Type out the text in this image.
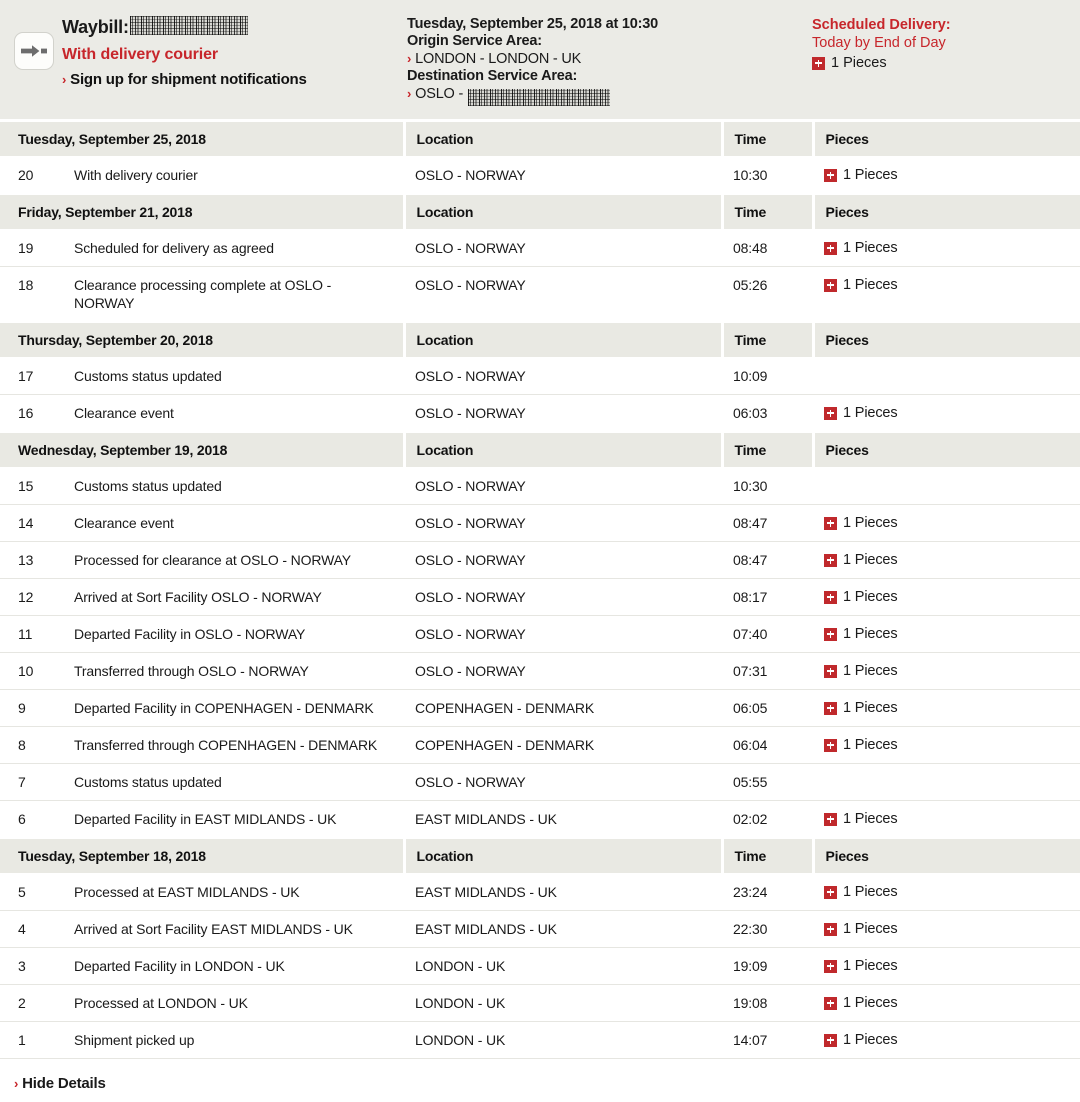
Waybill:
With delivery courier
› Sign up for shipment notifications
Tuesday, September 25, 2018 at 10:30
Origin Service Area:
› LONDON - LONDON - UK
Destination Service Area:
› OSLO -
Scheduled Delivery:
Today by End of Day
1 Pieces
Tuesday, September 25, 2018		Location	Time	Pieces
20	With delivery courier	OSLO - NORWAY	10:30	1 Pieces

Friday, September 21, 2018		Location	Time	Pieces
19	Scheduled for delivery as agreed	OSLO - NORWAY	08:48	1 Pieces

18	Clearance processing complete at OSLO - NORWAY	OSLO - NORWAY	05:26	1 Pieces

Thursday, September 20, 2018		Location	Time	Pieces
17	Customs status updated	OSLO - NORWAY	10:09	
16	Clearance event	OSLO - NORWAY	06:03	1 Pieces

Wednesday, September 19, 2018		Location	Time	Pieces
15	Customs status updated	OSLO - NORWAY	10:30	
14	Clearance event	OSLO - NORWAY	08:47	1 Pieces

13	Processed for clearance at OSLO - NORWAY	OSLO - NORWAY	08:47	1 Pieces

12	Arrived at Sort Facility OSLO - NORWAY	OSLO - NORWAY	08:17	1 Pieces

11	Departed Facility in OSLO - NORWAY	OSLO - NORWAY	07:40	1 Pieces

10	Transferred through OSLO - NORWAY	OSLO - NORWAY	07:31	1 Pieces

9	Departed Facility in COPENHAGEN - DENMARK	COPENHAGEN - DENMARK	06:05	1 Pieces

8	Transferred through COPENHAGEN - DENMARK	COPENHAGEN - DENMARK	06:04	1 Pieces

7	Customs status updated	OSLO - NORWAY	05:55	
6	Departed Facility in EAST MIDLANDS - UK	EAST MIDLANDS - UK	02:02	1 Pieces

Tuesday, September 18, 2018		Location	Time	Pieces
5	Processed at EAST MIDLANDS - UK	EAST MIDLANDS - UK	23:24	1 Pieces

4	Arrived at Sort Facility EAST MIDLANDS - UK	EAST MIDLANDS - UK	22:30	1 Pieces

3	Departed Facility in LONDON - UK	LONDON - UK	19:09	1 Pieces

2	Processed at LONDON - UK	LONDON - UK	19:08	1 Pieces

1	Shipment picked up	LONDON - UK	14:07	1 Pieces
› Hide Details
